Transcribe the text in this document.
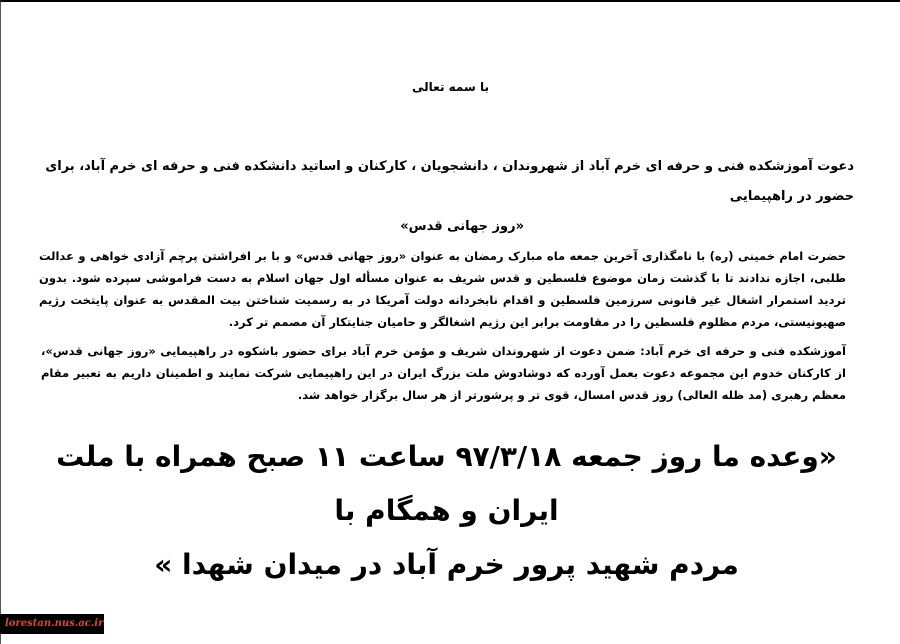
با سمه تعالی
دعوت آموزشکده فنی و حرفه ای خرم آباد از شهروندان ، دانشجویان ، کارکنان و اساتید دانشکده فنی و حرفه ای خرم آباد، برای حضور در راهپیمایی
«روز جهانی قدس»
حضرت امام خمینی (ره) با نامگذاری آخرین جمعه ماه مبارک رمضان به عنوان «روز جهانی قدس» و با بر افراشتن پرچم آزادی خواهی و عدالت طلبی، اجازه ندادند تا با گذشت زمان موضوع فلسطین و قدس شریف به عنوان مسأله اول جهان اسلام به دست فراموشی سپرده شود. بدون تردید استمرار اشغال غیر قانونی سرزمین فلسطین و اقدام نابخردانه دولت آمریکا در به رسمیت شناختن بیت المقدس به عنوان پایتخت رژیم صهیونیستی، مردم مظلوم فلسطین را در مقاومت برابر این رژیم اشغالگر و حامیان جنایتکار آن مصمم تر کرد.
آموزشکده فنی و حرفه ای خرم آباد: ضمن دعوت از شهروندان شریف و مؤمن خرم آباد برای حضور باشکوه در راهپیمایی «روز جهانی قدس»، از کارکنان خدوم این مجموعه دعوت بعمل آورده که دوشادوش ملت بزرگ ایران در این راهپیمایی شرکت نمایند و اطمینان داریم به تعبیر مقام معظم رهبری (مد ظله العالی) روز قدس امسال، قوی تر و پرشورتر از هر سال برگزار خواهد شد.
«وعده ما روز جمعه ۹۷/۳/۱۸ ساعت ۱۱ صبح همراه با ملت ایران و همگام با
مردم شهید پرور خرم آباد در میدان شهدا »
lorestan.nus.ac.ir
